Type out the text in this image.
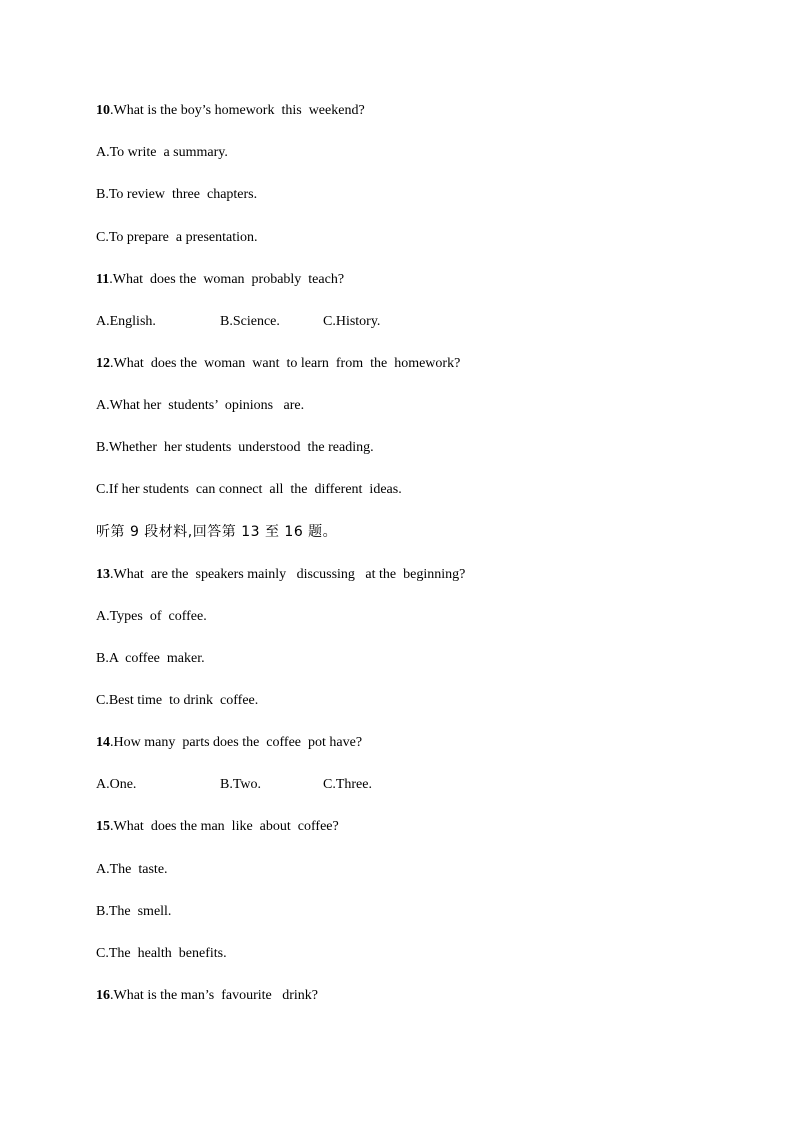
10.What is the boy’s homework  this  weekend?
A.To write  a summary.
B.To review  three  chapters.
C.To prepare  a presentation.
11.What  does the  woman  probably  teach?
A.English.	B.Science.	C.History.
12.What  does the  woman  want  to learn  from  the  homework?
A.What her  students’  opinions   are.
B.Whether  her students  understood  the reading.
C.If her students  can connect  all  the  different  ideas.
听第 9 段材料,回答第 13 至 16 题。
13.What  are the  speakers mainly   discussing   at the  beginning?
A.Types  of  coffee.
B.A  coffee  maker.
C.Best time  to drink  coffee.
14.How many  parts does the  coffee  pot have?
A.One.	B.Two.	C.Three.
15.What  does the man  like  about  coffee?
A.The  taste.
B.The  smell.
C.The  health  benefits.
16.What is the man’s  favourite   drink?
